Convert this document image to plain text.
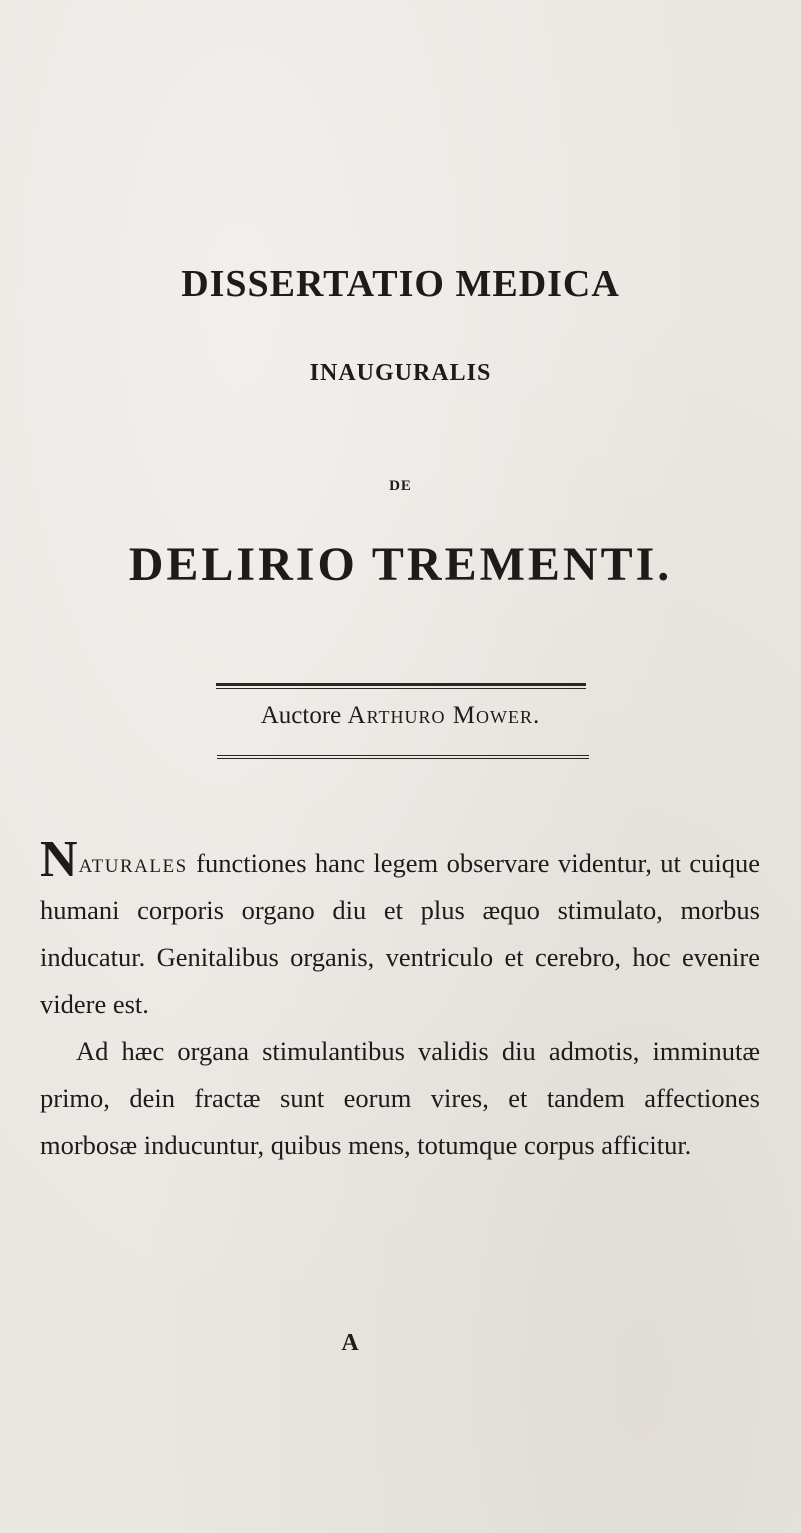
DISSERTATIO MEDICA
INAUGURALIS
DE
DELIRIO TREMENTI.
Auctore Arthuro Mower.

Naturales functiones hanc legem observare videntur, ut cuique humani corporis organo diu et plus æquo stimulato, morbus inducatur. Genitalibus organis, ventriculo et cerebro, hoc evenire videre est.

Ad hæc organa stimulantibus validis diu admotis, imminutæ primo, dein fractæ sunt eorum vires, et tandem affectiones morbosæ inducuntur, quibus mens, totumque corpus afficitur.

A
